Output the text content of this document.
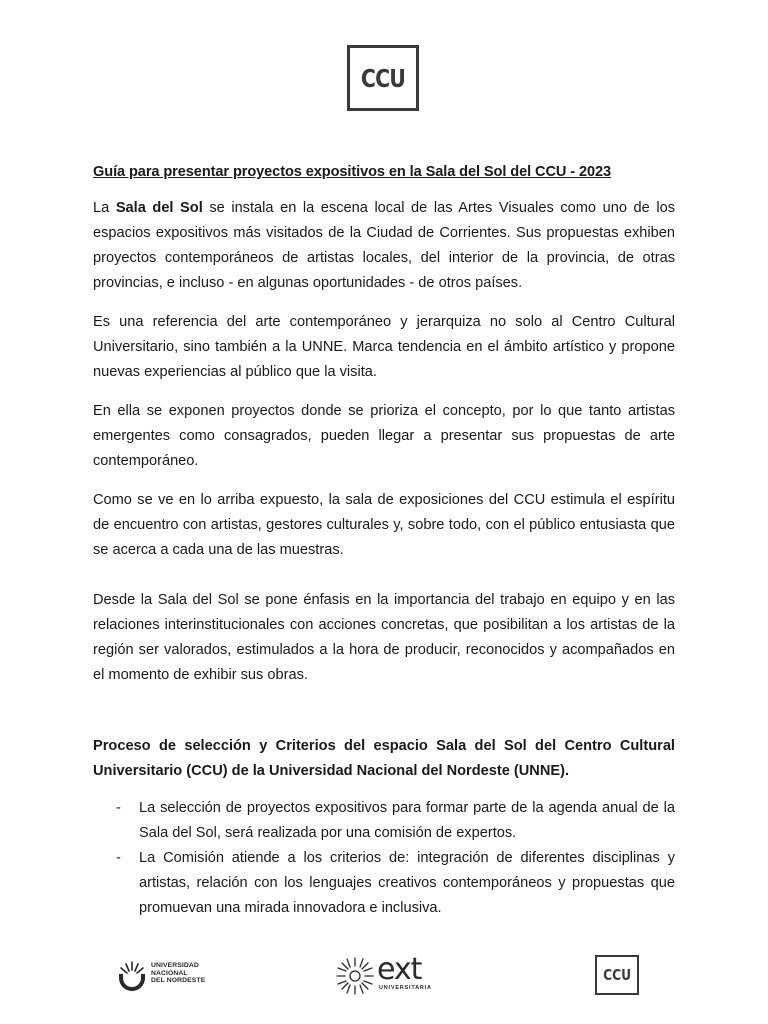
CCU
Guía para presentar proyectos expositivos en la Sala del Sol del CCU - 2023

La Sala del Sol se instala en la escena local de las Artes Visuales como uno de los espacios expositivos más visitados de la Ciudad de Corrientes. Sus propuestas exhiben proyectos contemporáneos de artistas locales, del interior de la provincia, de otras provincias, e incluso - en algunas oportunidades - de otros países.

Es una referencia del arte contemporáneo y jerarquiza no solo al Centro Cultural Universitario, sino también a la UNNE. Marca tendencia en el ámbito artístico y propone nuevas experiencias al público que la visita.

En ella se exponen proyectos donde se prioriza el concepto, por lo que tanto artistas emergentes como consagrados, pueden llegar a presentar sus propuestas de arte contemporáneo.

Como se ve en lo arriba expuesto, la sala de exposiciones del CCU estimula el espíritu de encuentro con artistas, gestores culturales y, sobre todo, con el público entusiasta que se acerca a cada una de las muestras.

Desde la Sala del Sol se pone énfasis en la importancia del trabajo en equipo y en las relaciones interinstitucionales con acciones concretas, que posibilitan a los artistas de la región ser valorados, estimulados a la hora de producir, reconocidos y acompañados en el momento de exhibir sus obras.

Proceso de selección y Criterios del espacio Sala del Sol del Centro Cultural Universitario (CCU) de la Universidad Nacional del Nordeste (UNNE).
- La selección de proyectos expositivos para formar parte de la agenda anual de la Sala del Sol, será realizada por una comisión de expertos.
- La Comisión atiende a los criterios de: integración de diferentes disciplinas y artistas, relación con los lenguajes creativos contemporáneos y propuestas que promuevan una mirada innovadora e inclusiva.
UNIVERSIDAD
NACIONAL
DEL NORDESTE	ext
UNIVERSITARIA
CCU
